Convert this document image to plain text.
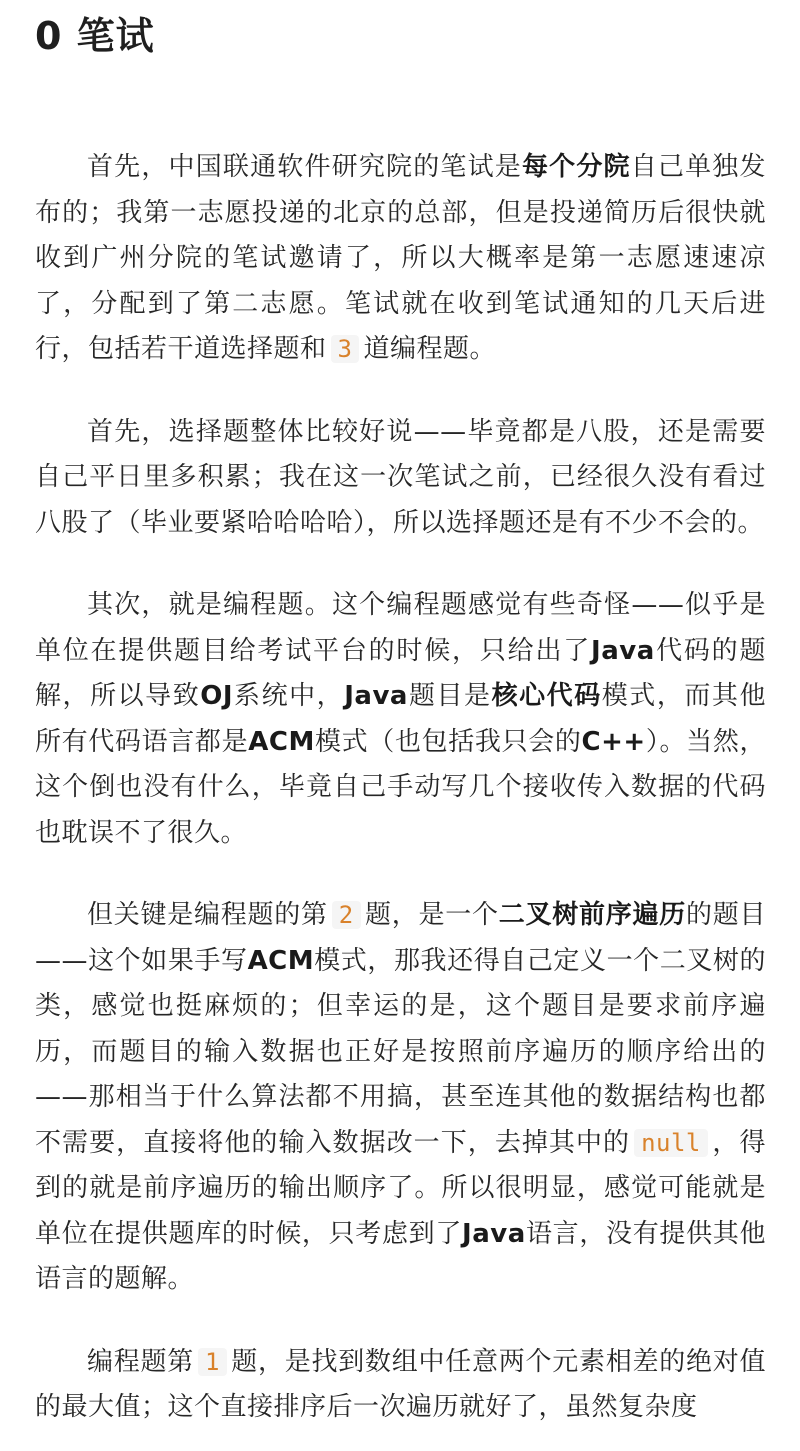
0 笔试

首先，中国联通软件研究院的笔试是每个分院自己单独发布的；我第一志愿投递的北京的总部，但是投递简历后很快就收到广州分院的笔试邀请了，所以大概率是第一志愿速速凉了，分配到了第二志愿。笔试就在收到笔试通知的几天后进行，包括若干道选择题和 3 道编程题。

首先，选择题整体比较好说——毕竟都是八股，还是需要自己平日里多积累；我在这一次笔试之前，已经很久没有看过八股了（毕业要紧哈哈哈哈），所以选择题还是有不少不会的。

其次，就是编程题。这个编程题感觉有些奇怪——似乎是单位在提供题目给考试平台的时候，只给出了Java代码的题解，所以导致OJ系统中，Java题目是核心代码模式，而其他所有代码语言都是ACM模式（也包括我只会的C++）。当然，这个倒也没有什么，毕竟自己手动写几个接收传入数据的代码也耽误不了很久。

但关键是编程题的第 2 题，是一个二叉树前序遍历的题目——这个如果手写ACM模式，那我还得自己定义一个二叉树的类，感觉也挺麻烦的；但幸运的是，这个题目是要求前序遍历，而题目的输入数据也正好是按照前序遍历的顺序给出的——那相当于什么算法都不用搞，甚至连其他的数据结构也都不需要，直接将他的输入数据改一下，去掉其中的 null ，得到的就是前序遍历的输出顺序了。所以很明显，感觉可能就是单位在提供题库的时候，只考虑到了Java语言，没有提供其他语言的题解。

编程题第 1 题，是找到数组中任意两个元素相差的绝对值的最大值；这个直接排序后一次遍历就好了，虽然复杂度
